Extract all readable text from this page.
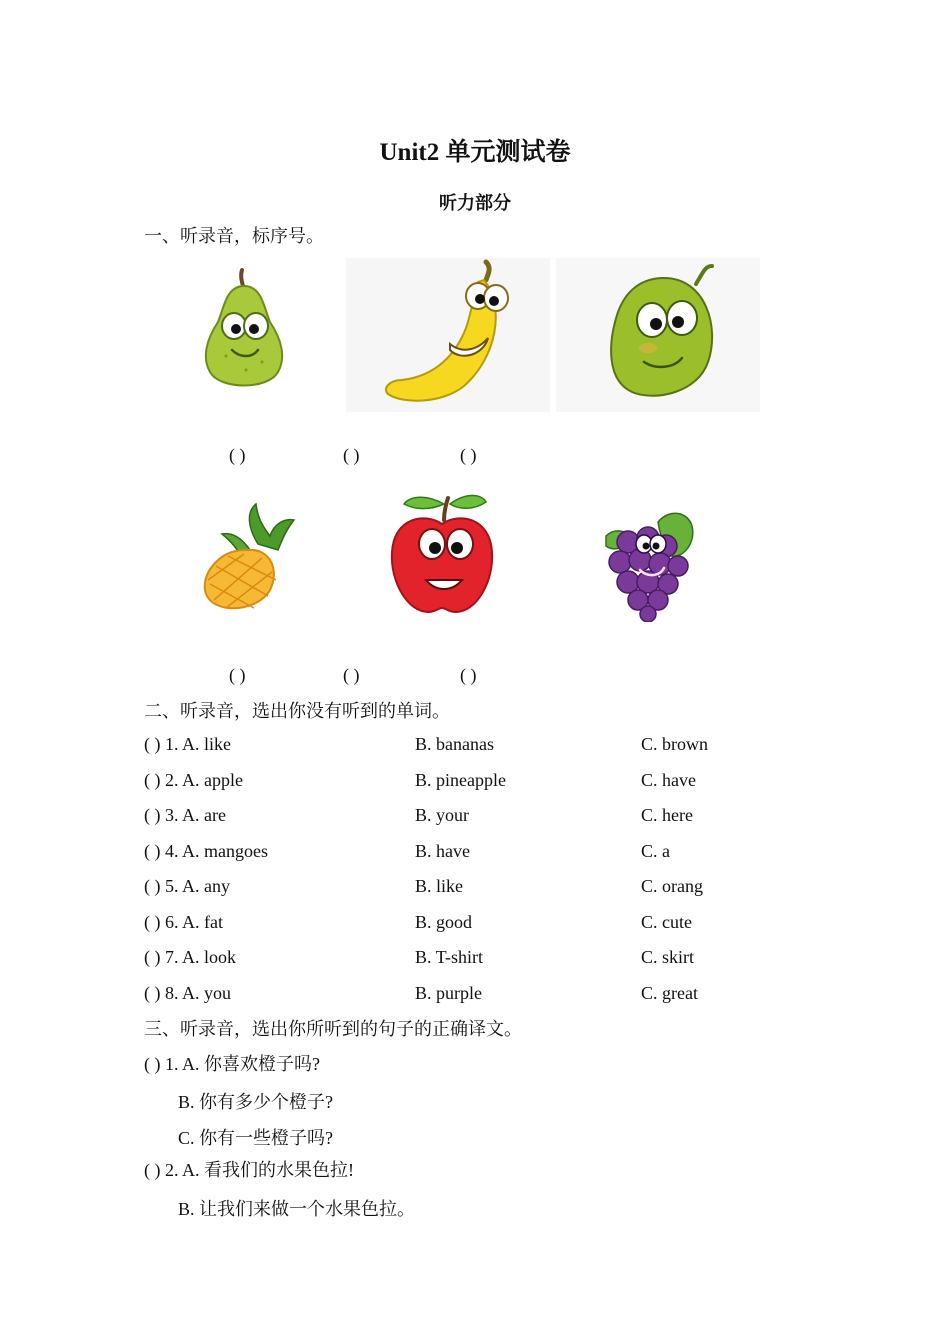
Unit2 单元测试卷
听力部分
一、听录音，标序号。
( )	( )	( )
( )	( )	( )
二、听录音，选出你没有听到的单词。
( ) 1. A. like	B. bananas	C. brown
( ) 2. A. apple	B. pineapple	C. have
( ) 3. A. are	B. your	C. here
( ) 4. A. mangoes	B. have	C. a
( ) 5. A. any	B. like	C. orang
( ) 6. A. fat	B. good	C. cute
( ) 7. A. look	B. T-shirt	C. skirt
( ) 8. A. you	B. purple	C. great
三、听录音，选出你所听到的句子的正确译文。
( ) 1. A. 你喜欢橙子吗?
B. 你有多少个橙子?
C. 你有一些橙子吗?
( ) 2. A. 看我们的水果色拉!
B. 让我们来做一个水果色拉。
